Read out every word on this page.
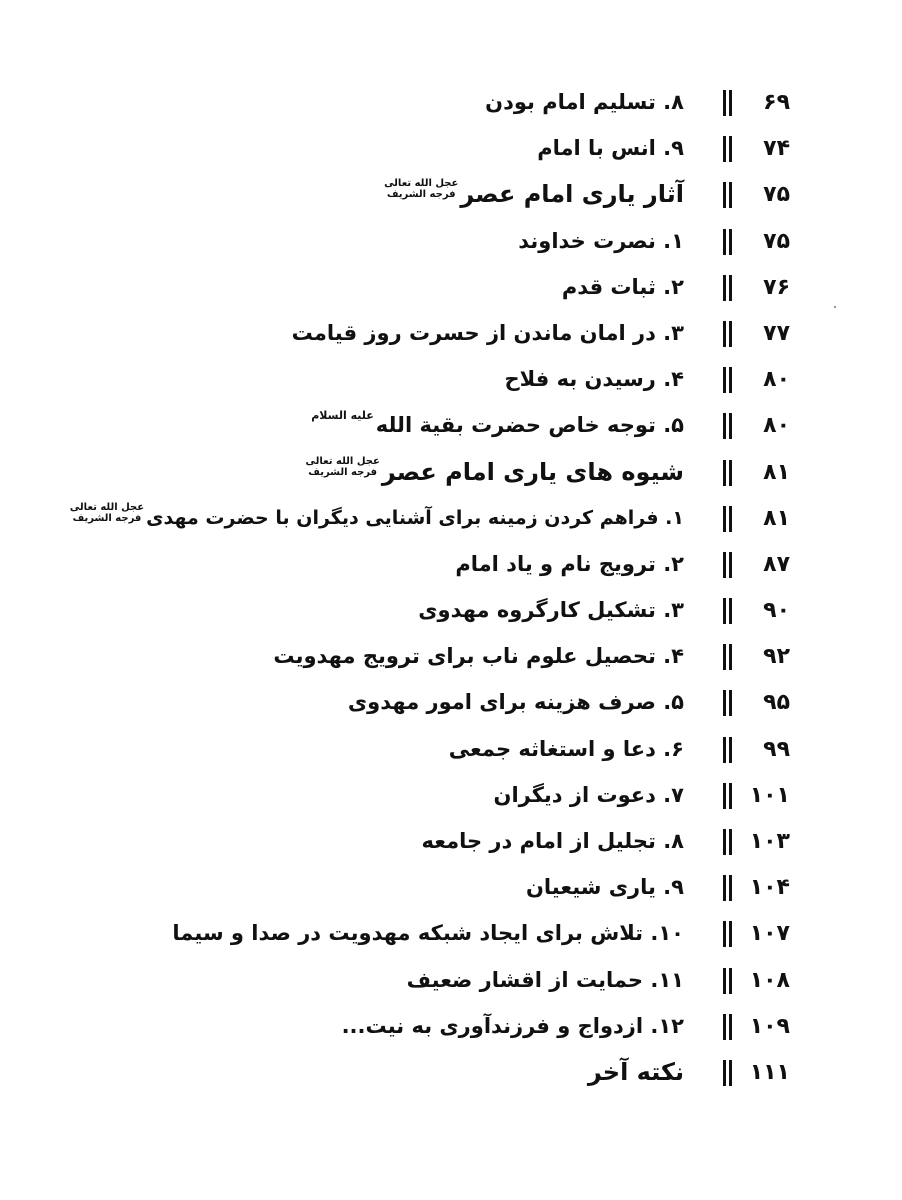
۶۹
۸. تسلیم امام بودن
۷۴
۹. انس با امام
۷۵
آثار یاری امام عصر
عجل الله تعالی
فرجه الشریف
۷۵
۱. نصرت خداوند
۷۶
۲. ثبات قدم
۷۷
۳. در امان ماندن از حسرت روز قیامت
۸۰
۴. رسیدن به فلاح
۸۰
۵. توجه خاص حضرت بقیة اللهعلیه السلام
۸۱
شیوه های یاری امام عصر
عجل الله تعالی
فرجه الشریف
۸۱
۱. فراهم کردن زمینه برای آشنایی دیگران با حضرت مهدی
عجل الله تعالی
فرجه الشریف
۸۷
۲. ترویج نام و یاد امام
۹۰
۳. تشکیل کارگروه مهدوی
۹۲
۴. تحصیل علوم ناب برای ترویج مهدویت
۹۵
۵. صرف هزینه برای امور مهدوی
۹۹
۶. دعا و استغاثه جمعی
۱۰۱
۷. دعوت از دیگران
۱۰۳
۸. تجلیل از امام در جامعه
۱۰۴
۹. یاری شیعیان
۱۰۷
۱۰. تلاش برای ایجاد شبکه مهدویت در صدا و سیما
۱۰۸
۱۱. حمایت از اقشار ضعیف
۱۰۹
۱۲. ازدواج و فرزندآوری به نیت...
۱۱۱
نکته آخر
